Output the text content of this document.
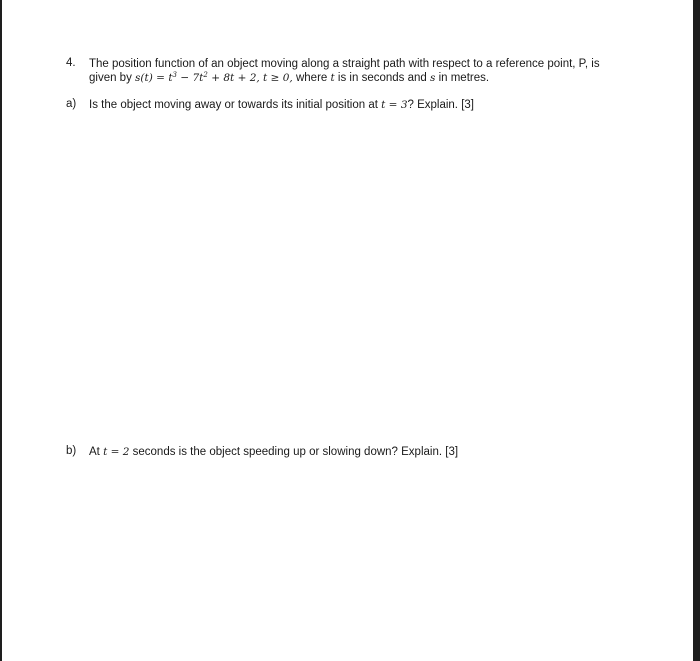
4. The position function of an object moving along a straight path with respect to a reference point, P, is
given by $s(t) = t^3 - 7t^2 + 8t + 2$, t ≥ 0, where t is in seconds and s in metres.
a) Is the object moving away or towards its initial position at t = 3? Explain. [3]
b) At t = 2 seconds is the object speeding up or slowing down? Explain. [3]
